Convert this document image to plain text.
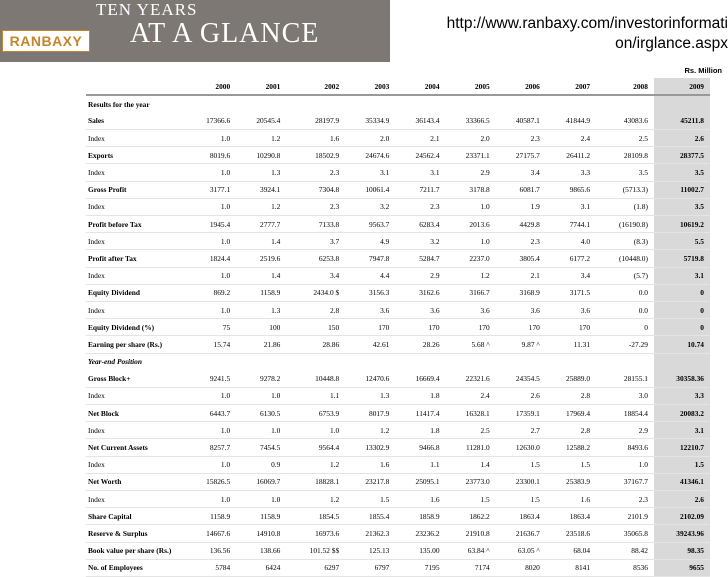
RANBAXY
TEN YEARS
AT A GLANCE	http://www.ranbaxy.com/investorinformati
on/irglance.aspx
Rs. Million
	2000	2001	2002	2003	2004	2005	2006	2007	2008	2009
Results for the year										
Sales	17366.6	20545.4	28197.9	35334.9	36143.4	33366.5	40587.1	41844.9	43083.6	45211.8
Index	1.0	1.2	1.6	2.0	2.1	2.0	2.3	2.4	2.5	2.6
Exports	8019.6	10290.8	18502.9	24674.6	24562.4	23371.1	27175.7	26411.2	28109.8	28377.5
Index	1.0	1.3	2.3	3.1	3.1	2.9	3.4	3.3	3.5	3.5
Gross Profit	3177.1	3924.1	7304.8	10061.4	7211.7	3178.8	6081.7	9865.6	(5713.3)	11002.7
Index	1.0	1.2	2.3	3.2	2.3	1.0	1.9	3.1	(1.8)	3.5
Profit before Tax	1945.4	2777.7	7133.8	9563.7	6283.4	2013.6	4429.8	7744.1	(16190.8)	10619.2
Index	1.0	1.4	3.7	4.9	3.2	1.0	2.3	4.0	(8.3)	5.5
Profit after Tax	1824.4	2519.6	6253.8	7947.8	5284.7	2237.0	3805.4	6177.2	(10448.0)	5719.8
Index	1.0	1.4	3.4	4.4	2.9	1.2	2.1	3.4	(5.7)	3.1
Equity Dividend	869.2	1158.9	2434.0 $	3156.3	3162.6	3166.7	3168.9	3171.5	0.0	0
Index	1.0	1.3	2.8	3.6	3.6	3.6	3.6	3.6	0.0	0
Equity Dividend (%)	75	100	150	170	170	170	170	170	0	0
Earning per share (Rs.)	15.74	21.86	28.86	42.61	28.26	5.68 ^	9.87 ^	11.31	-27.29	10.74
Year-end Position										
Gross Block+	9241.5	9278.2	10448.8	12470.6	16669.4	22321.6	24354.5	25889.0	28155.1	30358.36
Index	1.0	1.0	1.1	1.3	1.8	2.4	2.6	2.8	3.0	3.3
Net Block	6443.7	6130.5	6753.9	8017.9	11417.4	16328.1	17359.1	17969.4	18854.4	20083.2
Index	1.0	1.0	1.0	1.2	1.8	2.5	2.7	2.8	2.9	3.1
Net Current Assets	8257.7	7454.5	9564.4	13302.9	9466.8	11281.0	12630.0	12588.2	8493.6	12210.7
Index	1.0	0.9	1.2	1.6	1.1	1.4	1.5	1.5	1.0	1.5
Net Worth	15826.5	16069.7	18828.1	23217.8	25095.1	23773.0	23300.1	25383.9	37167.7	41346.1
Index	1.0	1.0	1.2	1.5	1.6	1.5	1.5	1.6	2.3	2.6
Share Capital	1158.9	1158.9	1854.5	1855.4	1858.9	1862.2	1863.4	1863.4	2101.9	2102.09
Reserve & Surplus	14667.6	14910.8	16973.6	21362.3	23236.2	21910.8	21636.7	23518.6	35065.8	39243.96
Book value per share (Rs.)	136.56	138.66	101.52 $$	125.13	135.00	63.84 ^	63.05 ^	68.04	88.42	98.35
No. of Employees	5784	6424	6297	6797	7195	7174	8020	8141	8536	9655
